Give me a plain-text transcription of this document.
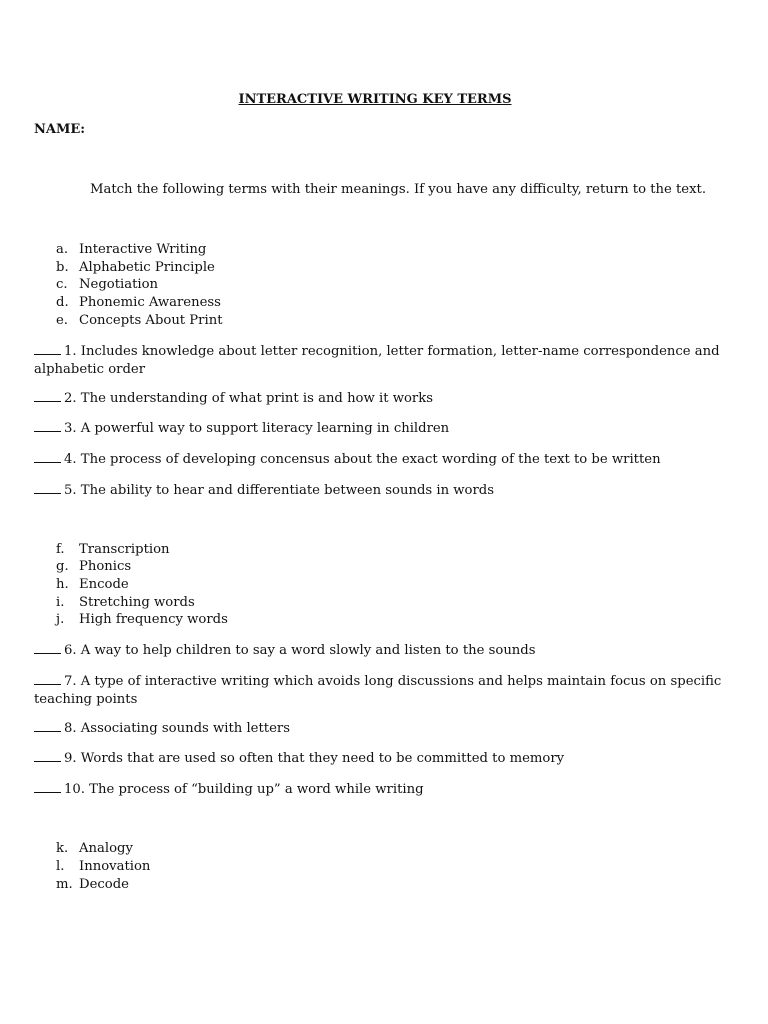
INTERACTIVE WRITING KEY TERMS
NAME:
Match the following terms with their meanings. If you have any difficulty, return to the text.
a. Interactive Writing
b. Alphabetic Principle
c. Negotiation
d. Phonemic Awareness
e. Concepts About Print
1. Includes knowledge about letter recognition, letter formation, letter-name correspondence and alphabetic order
2. The understanding of what print is and how it works
3. A powerful way to support literacy learning in children
4. The process of developing concensus about the exact wording of the text to be written
5. The ability to hear and differentiate between sounds in words
f. Transcription
g. Phonics
h. Encode
i. Stretching words
j. High frequency words
6. A way to help children to say a word slowly and listen to the sounds
7. A type of interactive writing which avoids long discussions and helps maintain focus on specific teaching points
8. Associating sounds with letters
9. Words that are used so often that they need to be committed to memory
10. The process of “building up” a word while writing
k. Analogy
l. Innovation
m. Decode
